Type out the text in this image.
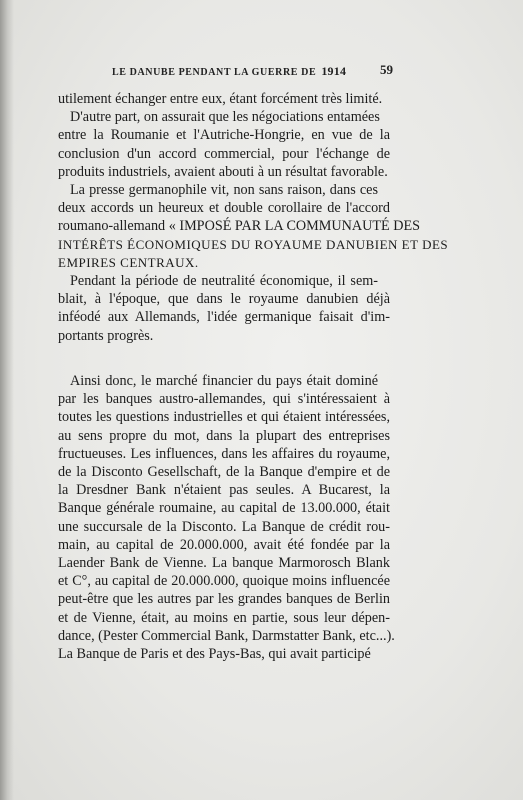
LE DANUBE PENDANT LA GUERRE DE 1914	59
utilement échanger entre eux, étant forcément très limité.
D'autre part, on assurait que les négociations entamées
entre la Roumanie et l'Autriche-Hongrie, en vue de la
conclusion d'un accord commercial, pour l'échange de
produits industriels, avaient abouti à un résultat favorable.
La presse germanophile vit, non sans raison, dans ces
deux accords un heureux et double corollaire de l'accord
roumano-allemand « IMPOSÉ PAR LA COMMUNAUTÉ DES
INTÉRÊTS ÉCONOMIQUES DU ROYAUME DANUBIEN ET DES
EMPIRES CENTRAUX.
Pendant la période de neutralité économique, il sem-
blait, à l'époque, que dans le royaume danubien déjà
inféodé aux Allemands, l'idée germanique faisait d'im-
portants progrès.
Ainsi donc, le marché financier du pays était dominé
par les banques austro-allemandes, qui s'intéressaient à
toutes les questions industrielles et qui étaient intéressées,
au sens propre du mot, dans la plupart des entreprises
fructueuses. Les influences, dans les affaires du royaume,
de la Disconto Gesellschaft, de la Banque d'empire et de
la Dresdner Bank n'étaient pas seules. A Bucarest, la
Banque générale roumaine, au capital de 13.00.000, était
une succursale de la Disconto. La Banque de crédit rou-
main, au capital de 20.000.000, avait été fondée par la
Laender Bank de Vienne. La banque Marmorosch Blank
et C°, au capital de 20.000.000, quoique moins influencée
peut-être que les autres par les grandes banques de Berlin
et de Vienne, était, au moins en partie, sous leur dépen-
dance, (Pester Commercial Bank, Darmstatter Bank, etc...).
La Banque de Paris et des Pays-Bas, qui avait participé
